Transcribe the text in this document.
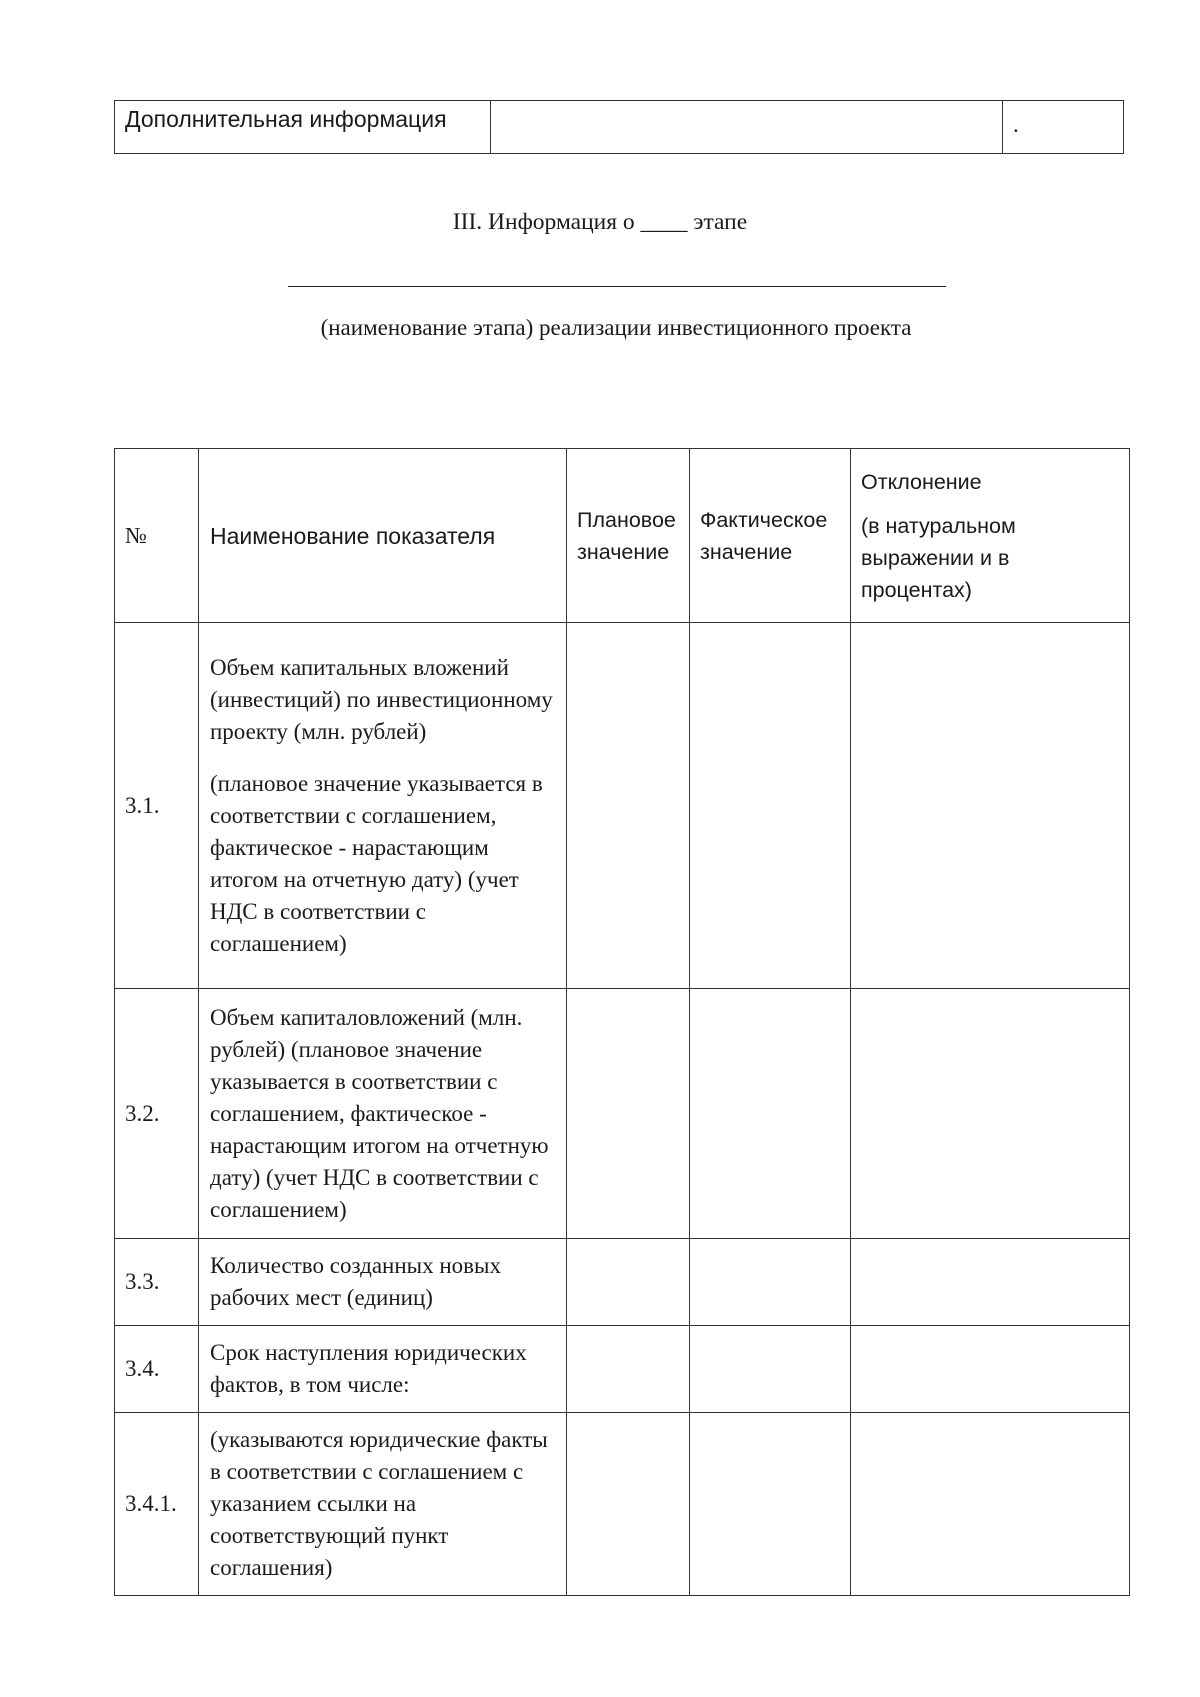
Дополнительная информация		.
III. Информация о ____ этапе
(наименование этапа) реализации инвестиционного проекта
№	Наименование показателя	Плановое значение	Фактическое значение	Отклонение
(в натуральном выражении и в процентах)

3.1.	Объем капитальных вложений (инвестиций) по инвестиционному проекту (млн. рублей)
(плановое значение указывается в соответствии с соглашением, фактическое - нарастающим итогом на отчетную дату) (учет НДС в соответствии с соглашением)			

3.2.	Объем капиталовложений (млн. рублей) (плановое значение указывается в соответствии с соглашением, фактическое - нарастающим итогом на отчетную дату) (учет НДС в соответствии с соглашением)			

3.3.	Количество созданных новых рабочих мест (единиц)			

3.4.	Срок наступления юридических фактов, в том числе:			

3.4.1.	(указываются юридические факты в соответствии с соглашением с указанием ссылки на соответствующий пункт соглашения)			
